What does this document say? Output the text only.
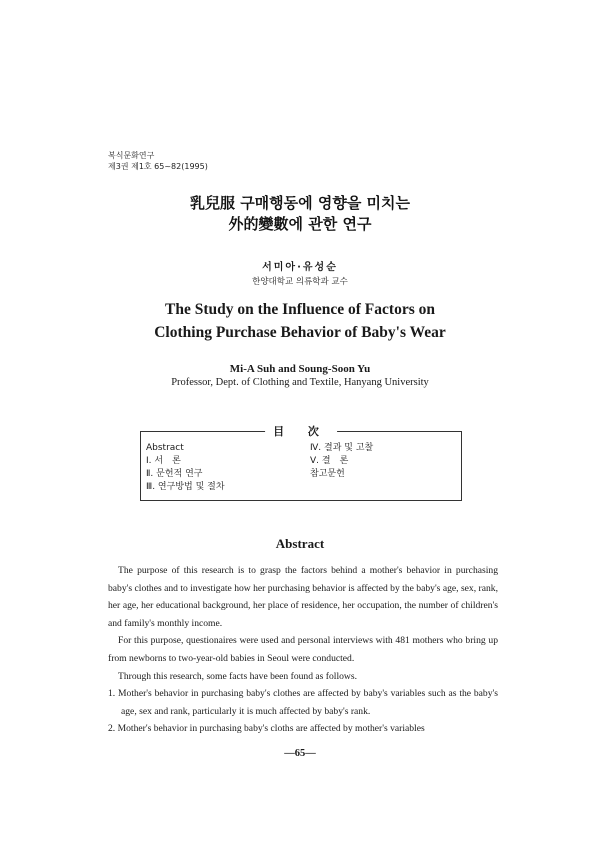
복식문화연구
제3권 제1호 65~82(1995)
乳兒服 구매행동에 영향을 미치는
外的變數에 관한 연구
서미아·유성순
한양대학교 의류학과 교수
The Study on the Influence of Factors on
Clothing Purchase Behavior of Baby's Wear
Mi-A Suh and Soung-Soon Yu
Professor, Dept. of Clothing and Textile, Hanyang University
目 次
Abstract
Ⅰ. 서　론
Ⅱ. 문헌적 연구
Ⅲ. 연구방법 및 절차
Ⅳ. 결과 및 고찰
Ⅴ. 결　론
참고문헌
Abstract

The purpose of this research is to grasp the factors behind a mother's behavior in purchasing baby's clothes and to investigate how her purchasing behavior is affected by the baby's age, sex, rank, her age, her educational background, her place of residence, her occupation, the number of children's and family's monthly income.

For this purpose, questionaires were used and personal interviews with 481 mothers who bring up from newborns to two-year-old babies in Seoul were conducted.

Through this research, some facts have been found as follows.

1. Mother's behavior in purchasing baby's clothes are affected by baby's variables such as the baby's age, sex and rank, particularly it is much affected by baby's rank.

2. Mother's behavior in purchasing baby's cloths are affected by mother's variables

—65—
